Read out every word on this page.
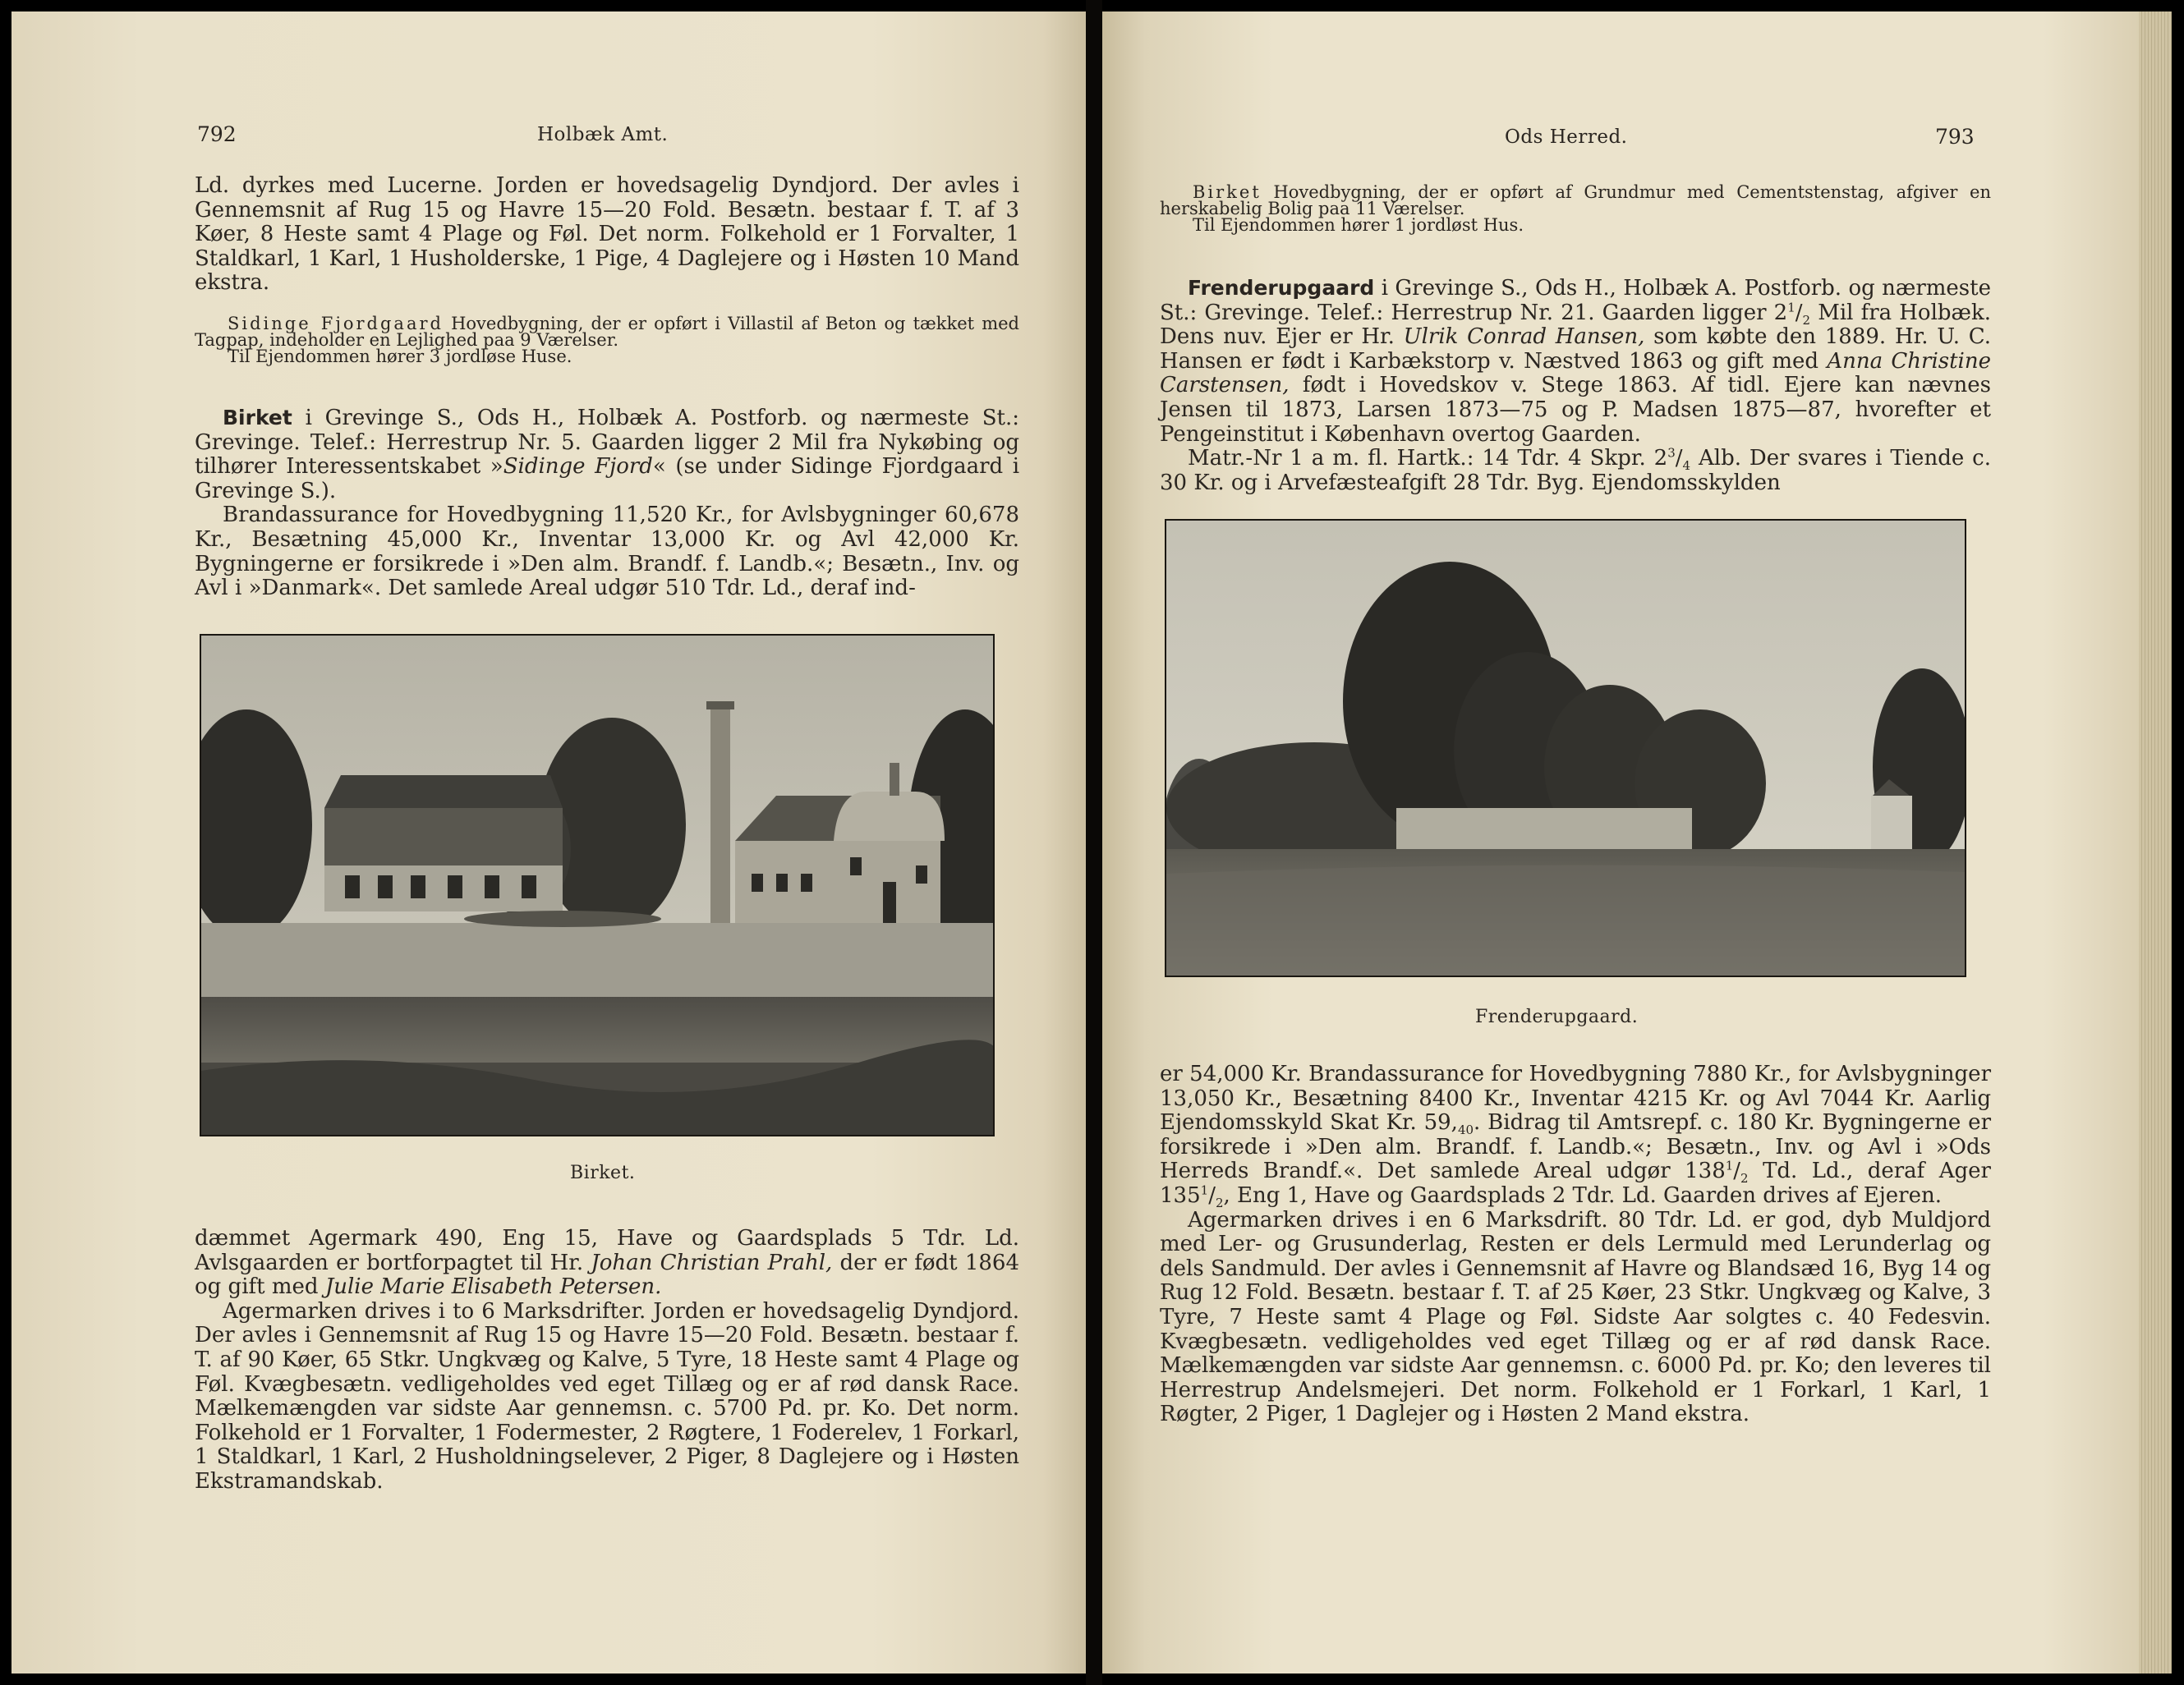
792	Holbæk Amt.

Ld. dyrkes med Lucerne. Jorden er hovedsagelig Dyndjord. Der avles i Gennemsnit af Rug 15 og Havre 15—20 Fold. Besætn. bestaar f. T. af 3 Køer, 8 Heste samt 4 Plage og Føl. Det norm. Folkehold er 1 Forvalter, 1 Staldkarl, 1 Karl, 1 Husholderske, 1 Pige, 4 Daglejere og i Høsten 10 Mand ekstra.

Sidinge Fjordgaard Hovedbygning, der er opført i Villastil af Beton og tækket med Tagpap, indeholder en Lejlighed paa 9 Værelser.

Til Ejendommen hører 3 jordløse Huse.

Birket i Grevinge S., Ods H., Holbæk A. Postforb. og nærmeste St.: Grevinge. Telef.: Herrestrup Nr. 5. Gaarden ligger 2 Mil fra Nykøbing og tilhører Interessentskabet »Sidinge Fjord« (se under Sidinge Fjordgaard i Grevinge S.).

Brandassurance for Hovedbygning 11,520 Kr., for Avlsbygninger 60,678 Kr., Besætning 45,000 Kr., Inventar 13,000 Kr. og Avl 42,000 Kr. Bygningerne er forsikrede i »Den alm. Brandf. f. Landb.«; Besætn., Inv. og Avl i »Danmark«. Det samlede Areal udgør 510 Tdr. Ld., deraf ind-

Birket.

dæmmet Agermark 490, Eng 15, Have og Gaardsplads 5 Tdr. Ld. Avlsgaarden er bortforpagtet til Hr. Johan Christian Prahl, der er født 1864 og gift med Julie Marie Elisabeth Petersen.

Agermarken drives i to 6 Marksdrifter. Jorden er hovedsagelig Dyndjord. Der avles i Gennemsnit af Rug 15 og Havre 15—20 Fold. Besætn. bestaar f. T. af 90 Køer, 65 Stkr. Ungkvæg og Kalve, 5 Tyre, 18 Heste samt 4 Plage og Føl. Kvægbesætn. vedligeholdes ved eget Tillæg og er af rød dansk Race. Mælkemængden var sidste Aar gennemsn. c. 5700 Pd. pr. Ko. Det norm. Folkehold er 1 Forvalter, 1 Fodermester, 2 Røgtere, 1 Foderelev, 1 Forkarl, 1 Staldkarl, 1 Karl, 2 Husholdningselever, 2 Piger, 8 Daglejere og i Høsten Ekstramandskab.

Ods Herred.	793

Birket Hovedbygning, der er opført af Grundmur med Cementstenstag, afgiver en herskabelig Bolig paa 11 Værelser.

Til Ejendommen hører 1 jordløst Hus.

Frenderupgaard i Grevinge S., Ods H., Holbæk A. Postforb. og nærmeste St.: Grevinge. Telef.: Herrestrup Nr. 21. Gaarden ligger $2^1/_2$ Mil fra Holbæk. Dens nuv. Ejer er Hr. Ulrik Conrad Hansen, som købte den 1889. Hr. U. C. Hansen er født i Karbækstorp v. Næstved 1863 og gift med Anna Christine Carstensen, født i Hovedskov v. Stege 1863. Af tidl. Ejere kan nævnes Jensen til 1873, Larsen 1873—75 og P. Madsen 1875—87, hvorefter et Pengeinstitut i København overtog Gaarden.

Matr.-Nr 1 a m. fl. Hartk.: 14 Tdr. 4 Skpr. $2^3/_4$ Alb. Der svares i Tiende c. 30 Kr. og i Arvefæsteafgift 28 Tdr. Byg. Ejendomsskylden

Frenderupgaard.

er 54,000 Kr. Brandassurance for Hovedbygning 7880 Kr., for Avlsbygninger 13,050 Kr., Besætning 8400 Kr., Inventar 4215 Kr. og Avl 7044 Kr. Aarlig Ejendomsskyld Skat Kr. $59,_{40}$. Bidrag til Amtsrepf. c. 180 Kr. Bygningerne er forsikrede i »Den alm. Brandf. f. Landb.«; Besætn., Inv. og Avl i »Ods Herreds Brandf.«. Det samlede Areal udgør $138^1/_2$ Td. Ld., deraf Ager $135^1/_2$, Eng 1, Have og Gaardsplads 2 Tdr. Ld. Gaarden drives af Ejeren.

Agermarken drives i en 6 Marksdrift. 80 Tdr. Ld. er god, dyb Muldjord med Ler- og Grusunderlag, Resten er dels Lermuld med Lerunderlag og dels Sandmuld. Der avles i Gennemsnit af Havre og Blandsæd 16, Byg 14 og Rug 12 Fold. Besætn. bestaar f. T. af 25 Køer, 23 Stkr. Ungkvæg og Kalve, 3 Tyre, 7 Heste samt 4 Plage og Føl. Sidste Aar solgtes c. 40 Fedesvin. Kvægbesætn. vedligeholdes ved eget Tillæg og er af rød dansk Race. Mælkemængden var sidste Aar gennemsn. c. 6000 Pd. pr. Ko; den leveres til Herrestrup Andelsmejeri. Det norm. Folkehold er 1 Forkarl, 1 Karl, 1 Røgter, 2 Piger, 1 Daglejer og i Høsten 2 Mand ekstra.
